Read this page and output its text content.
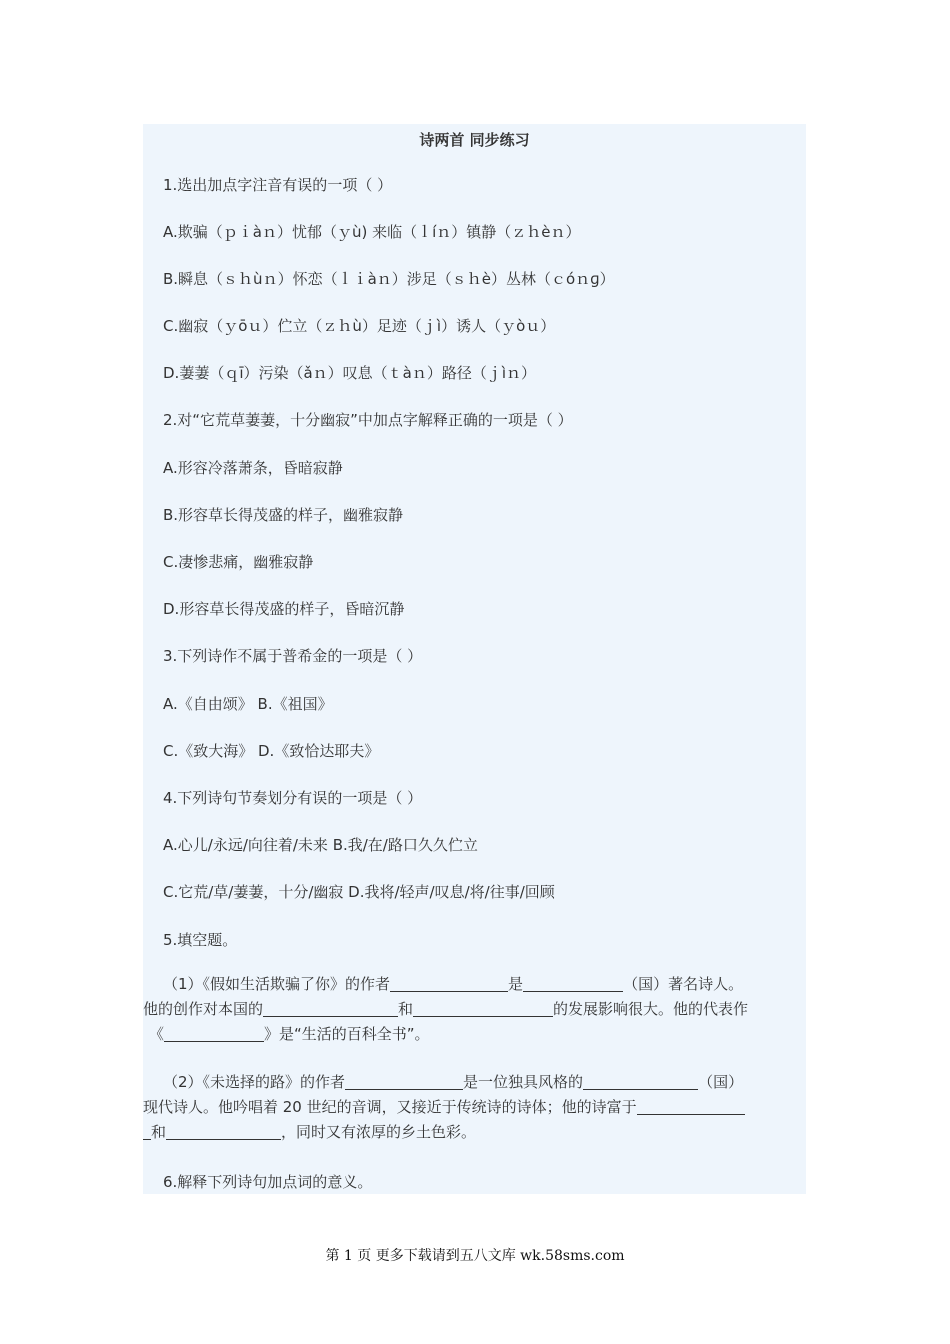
诗两首 同步练习
1.选出加点字注音有误的一项（ ）
A.欺骗（ｐｉàｎ）忧郁（ｙù) 来临（ｌíｎ）镇静（ｚｈèｎ）
B.瞬息（ｓｈùｎ）怀恋（ｌｉàｎ）涉足（ｓｈè）丛林（ｃóｎɡ）
C.幽寂（ｙōｕ）伫立（ｚｈù）足迹（ｊì）诱人（ｙòｕ）
D.萋萋（ｑī）污染（ǎｎ）叹息（ｔàｎ）路径（ｊìｎ）
2.对“它荒草萋萋，十分幽寂”中加点字解释正确的一项是（ ）
A.形容冷落萧条，昏暗寂静
B.形容草长得茂盛的样子，幽雅寂静
C.凄惨悲痛，幽雅寂静
D.形容草长得茂盛的样子，昏暗沉静
3.下列诗作不属于普希金的一项是（ ）
A.《自由颂》 B.《祖国》
C.《致大海》 D.《致恰达耶夫》
4.下列诗句节奏划分有误的一项是（ ）
A.心儿/永远/向往着/未来 B.我/在/路口久久伫立
C.它荒/草/萋萋，十分/幽寂 D.我将/轻声/叹息/将/往事/回顾
5.填空题。
（1）《假如生活欺骗了你》的作者	是	（国）著名诗人。
他的创作对本国的	和	的发展影响很大。他的代表作
《	》是“生活的百科全书”。
（2）《未选择的路》的作者	是一位独具风格的	（国）
现代诗人。他吟唱着 20 世纪的音调，又接近于传统诗的诗体；他的诗富于
和	，同时又有浓厚的乡土色彩。
6.解释下列诗句加点词的意义。
第 1 页 更多下载请到五八文库 wk.58sms.com
